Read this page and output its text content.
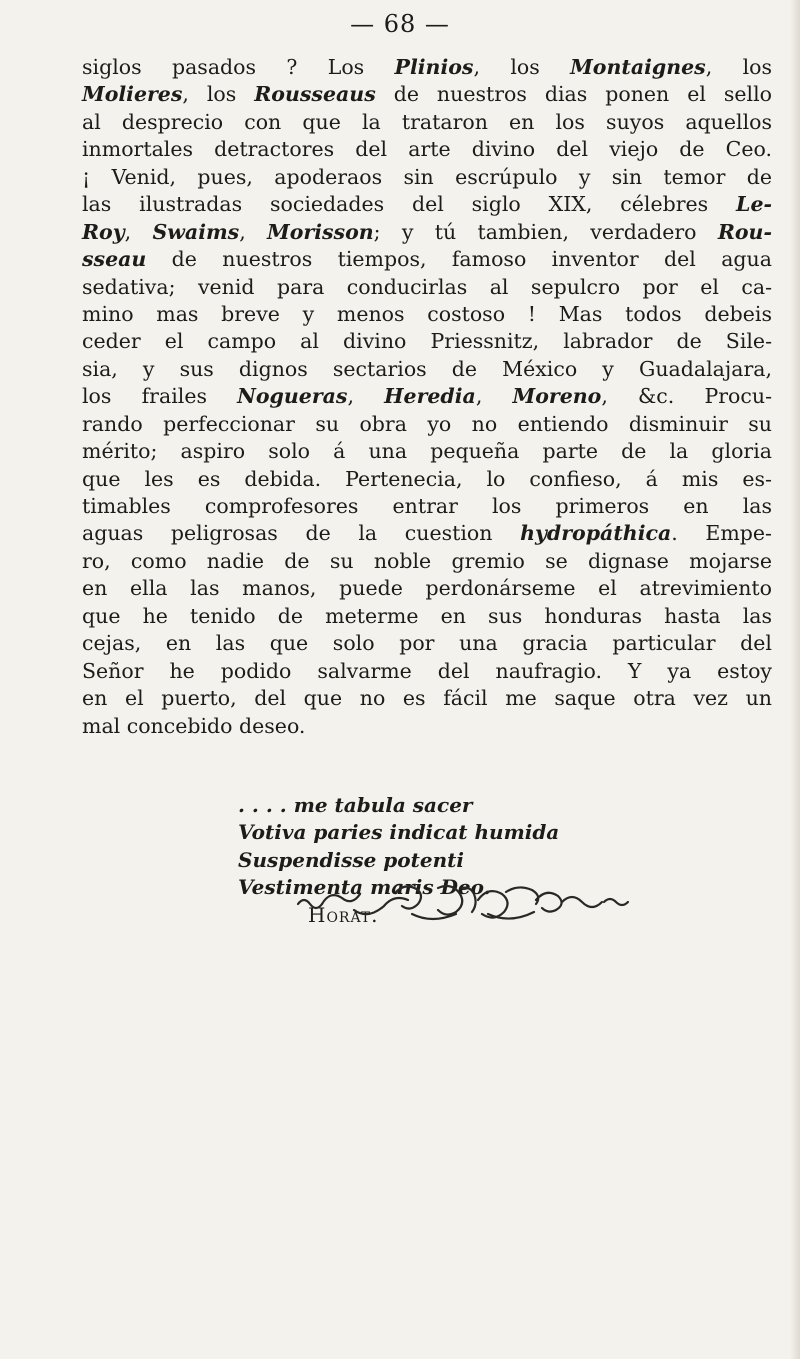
— 68 —
siglos pasados ? Los Plinios, los Montaignes, los
Molieres, los Rousseaus de nuestros dias ponen el sello
al desprecio con que la trataron en los suyos aquellos
inmortales detractores del arte divino del viejo de Ceo.
¡ Venid, pues, apoderaos sin escrúpulo y sin temor de
las ilustradas sociedades del siglo XIX, célebres Le-
Roy, Swaims, Morisson; y tú tambien, verdadero Rou-
sseau de nuestros tiempos, famoso inventor del agua
sedativa; venid para conducirlas al sepulcro por el ca-
mino mas breve y menos costoso ! Mas todos debeis
ceder el campo al divino Priessnitz, labrador de Sile-
sia, y sus dignos sectarios de México y Guadalajara,
los frailes Nogueras, Heredia, Moreno, &c. Procu-
rando perfeccionar su obra yo no entiendo disminuir su
mérito; aspiro solo á una pequeña parte de la gloria
que les es debida. Pertenecia, lo confieso, á mis es-
timables comprofesores entrar los primeros en las
aguas peligrosas de la cuestion hydropáthica. Empe-
ro, como nadie de su noble gremio se dignase mojarse
en ella las manos, puede perdonárseme el atrevimiento
que he tenido de meterme en sus honduras hasta las
cejas, en las que solo por una gracia particular del
Señor he podido salvarme del naufragio. Y ya estoy
en el puerto, del que no es fácil me saque otra vez un
mal concebido deseo.
. . . . me tabula sacer
Votiva paries indicat humida
Suspendisse potenti
Vestimenta maris Deo.
Horat.
